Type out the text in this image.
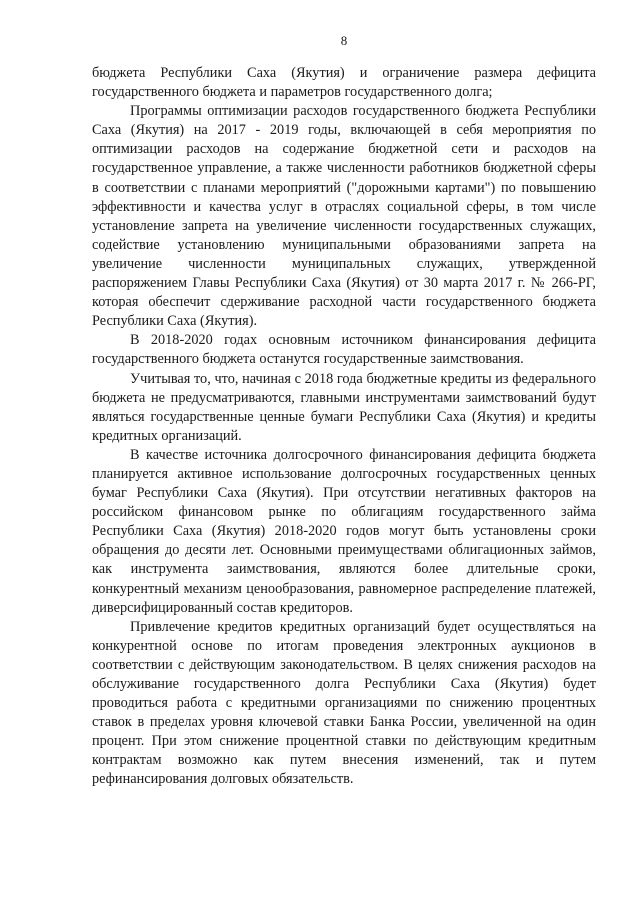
8

бюджета Республики Саха (Якутия) и ограничение размера дефицита государственного бюджета и параметров государственного долга;

Программы оптимизации расходов государственного бюджета Республики Саха (Якутия) на 2017 - 2019 годы, включающей в себя мероприятия по оптимизации расходов на содержание бюджетной сети и расходов на государственное управление, а также численности работников бюджетной сферы в соответствии с планами мероприятий ("дорожными картами") по повышению эффективности и качества услуг в отраслях социальной сферы, в том числе установление запрета на увеличение численности государственных служащих, содействие установлению муниципальными образованиями запрета на увеличение численности муниципальных служащих, утвержденной распоряжением Главы Республики Саха (Якутия) от 30 марта 2017 г. № 266-РГ, которая обеспечит сдерживание расходной части государственного бюджета Республики Саха (Якутия).

В 2018-2020 годах основным источником финансирования дефицита государственного бюджета останутся государственные заимствования.

Учитывая то, что, начиная с 2018 года бюджетные кредиты из федерального бюджета не предусматриваются, главными инструментами заимствований будут являться государственные ценные бумаги Республики Саха (Якутия) и кредиты кредитных организаций.

В качестве источника долгосрочного финансирования дефицита бюджета планируется активное использование долгосрочных государственных ценных бумаг Республики Саха (Якутия). При отсутствии негативных факторов на российском финансовом рынке по облигациям государственного займа Республики Саха (Якутия) 2018-2020 годов могут быть установлены сроки обращения до десяти лет. Основными преимуществами облигационных займов, как инструмента заимствования, являются более длительные сроки, конкурентный механизм ценообразования, равномерное распределение платежей, диверсифицированный состав кредиторов.

Привлечение кредитов кредитных организаций будет осуществляться на конкурентной основе по итогам проведения электронных аукционов в соответствии с действующим законодательством. В целях снижения расходов на обслуживание государственного долга Республики Саха (Якутия) будет проводиться работа с кредитными организациями по снижению процентных ставок в пределах уровня ключевой ставки Банка России, увеличенной на один процент. При этом снижение процентной ставки по действующим кредитным контрактам возможно как путем внесения изменений, так и путем рефинансирования долговых обязательств.
